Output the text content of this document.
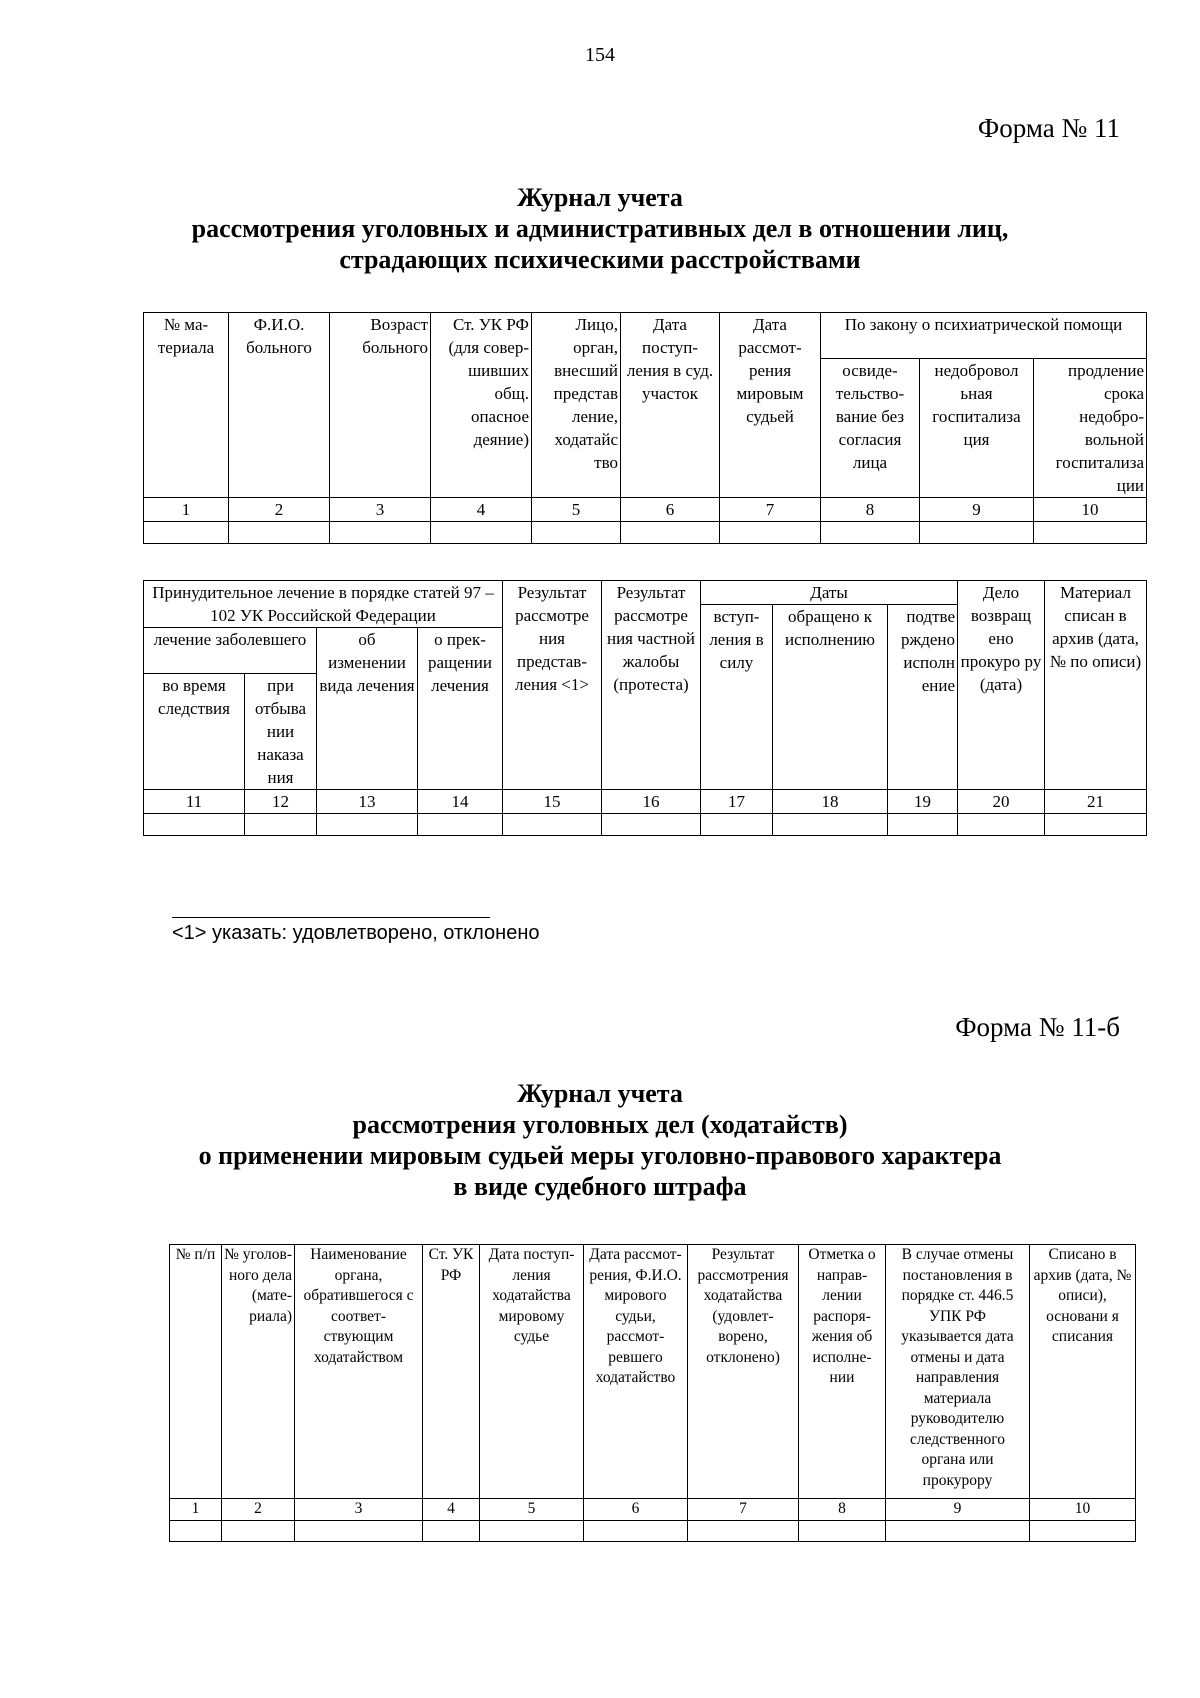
154
Форма № 11
Журнал учета
рассмотрения уголовных и административных дел в отношении лиц,
страдающих психическими расстройствами
№ ма-териала	Ф.И.О. больного	Возраст больного	Ст. УК РФ (для совер-шивших общ. опасное деяние)	Лицо, орган, внесший представ ление, ходатайс тво	Дата поступ-ления в суд. участок	Дата рассмот-рения мировым судьей	По закону о психиатрической помощи		
							освиде-тельство-вание без согласия лица	недобровол ьная госпитализа ция	продление срока недобро-вольной госпитализа ции
1	2	3	4	5	6	7	8	9	10

Принудительное лечение в порядке статей 97 – 102 УК Российской Федерации				Результат рассмотре ния представ-ления <1>	Результат рассмотре ния частной жалобы (протеста)	Даты			Дело возвращ ено прокуро ру (дата)	Материал списан в архив (дата, № по описи)
						вступ-ления в силу	обращено к исполнению	подтве рждено исполн ение		
лечение заболевшего		об изменении вида лечения	о прек-ращении лечения							

во время следствия	при отбыва нии наказа ния									
11	12	13	14	15	16	17	18	19	20	21

<1> указать: удовлетворено, отклонено
Форма № 11-б
Журнал учета
рассмотрения уголовных дел (ходатайств)
о применении мировым судьей меры уголовно-правового характера
в виде судебного штрафа
№ п/п	№ уголов-ного дела (мате-риала)	Наименование органа, обратившегося с соответ-ствующим ходатайством	Ст. УК РФ	Дата поступ-ления ходатайства мировому судье	Дата рассмот-рения, Ф.И.О. мирового судьи, рассмот-ревшего ходатайство	Результат рассмотрения ходатайства (удовлет-ворено, отклонено)	Отметка о направ-лении распоря-жения об исполне-нии	В случае отмены постановления в порядке ст. 446.5 УПК РФ указывается дата отмены и дата направления материала руководителю следственного органа или прокурору	Списано в архив (дата, № описи), основани я списания
1	2	3	4	5	6	7	8	9	10
